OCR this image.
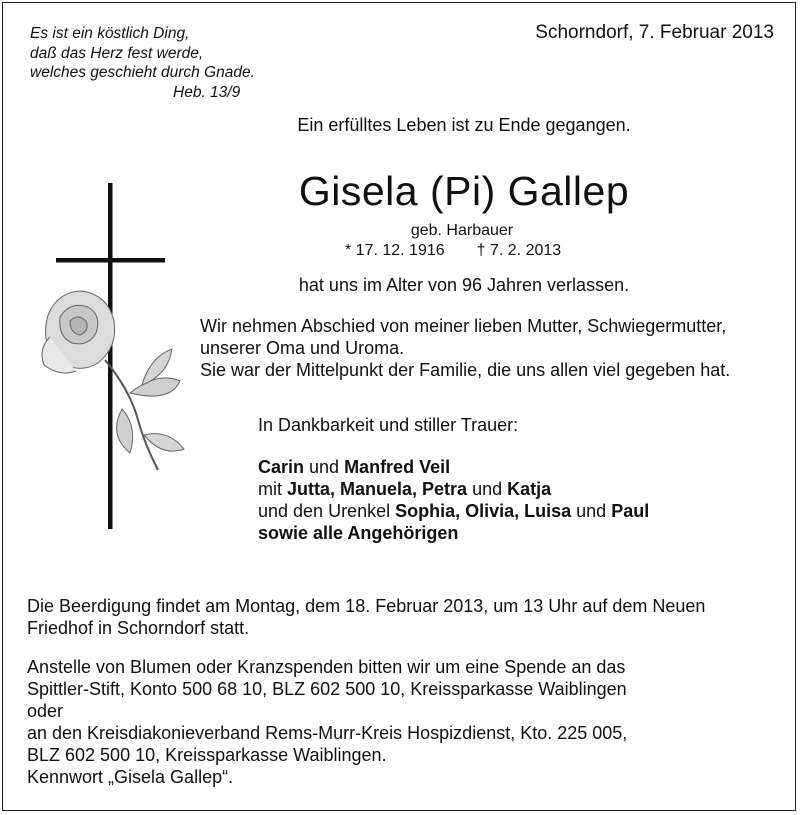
Es ist ein köstlich Ding,
daß das Herz fest werde,
welches geschieht durch Gnade.
Heb. 13/9
Schorndorf, 7. Februar 2013
Ein erfülltes Leben ist zu Ende gegangen.
Gisela (Pi) Gallep
geb. Harbauer
* 17. 12. 1916 † 7. 2. 2013
hat uns im Alter von 96 Jahren verlassen.
Wir nehmen Abschied von meiner lieben Mutter, Schwiegermutter,
unserer Oma und Uroma.
Sie war der Mittelpunkt der Familie, die uns allen viel gegeben hat.
In Dankbarkeit und stiller Trauer:
Carin und Manfred Veil
mit Jutta, Manuela, Petra und Katja
und den Urenkel Sophia, Olivia, Luisa und Paul
sowie alle Angehörigen
Die Beerdigung findet am Montag, dem 18. Februar 2013, um 13 Uhr auf dem Neuen
Friedhof in Schorndorf statt.
Anstelle von Blumen oder Kranzspenden bitten wir um eine Spende an das
Spittler-Stift, Konto 500 68 10, BLZ 602 500 10, Kreissparkasse Waiblingen
oder
an den Kreisdiakonieverband Rems-Murr-Kreis Hospizdienst, Kto. 225 005,
BLZ 602 500 10, Kreissparkasse Waiblingen.
Kennwort „Gisela Gallep“.
